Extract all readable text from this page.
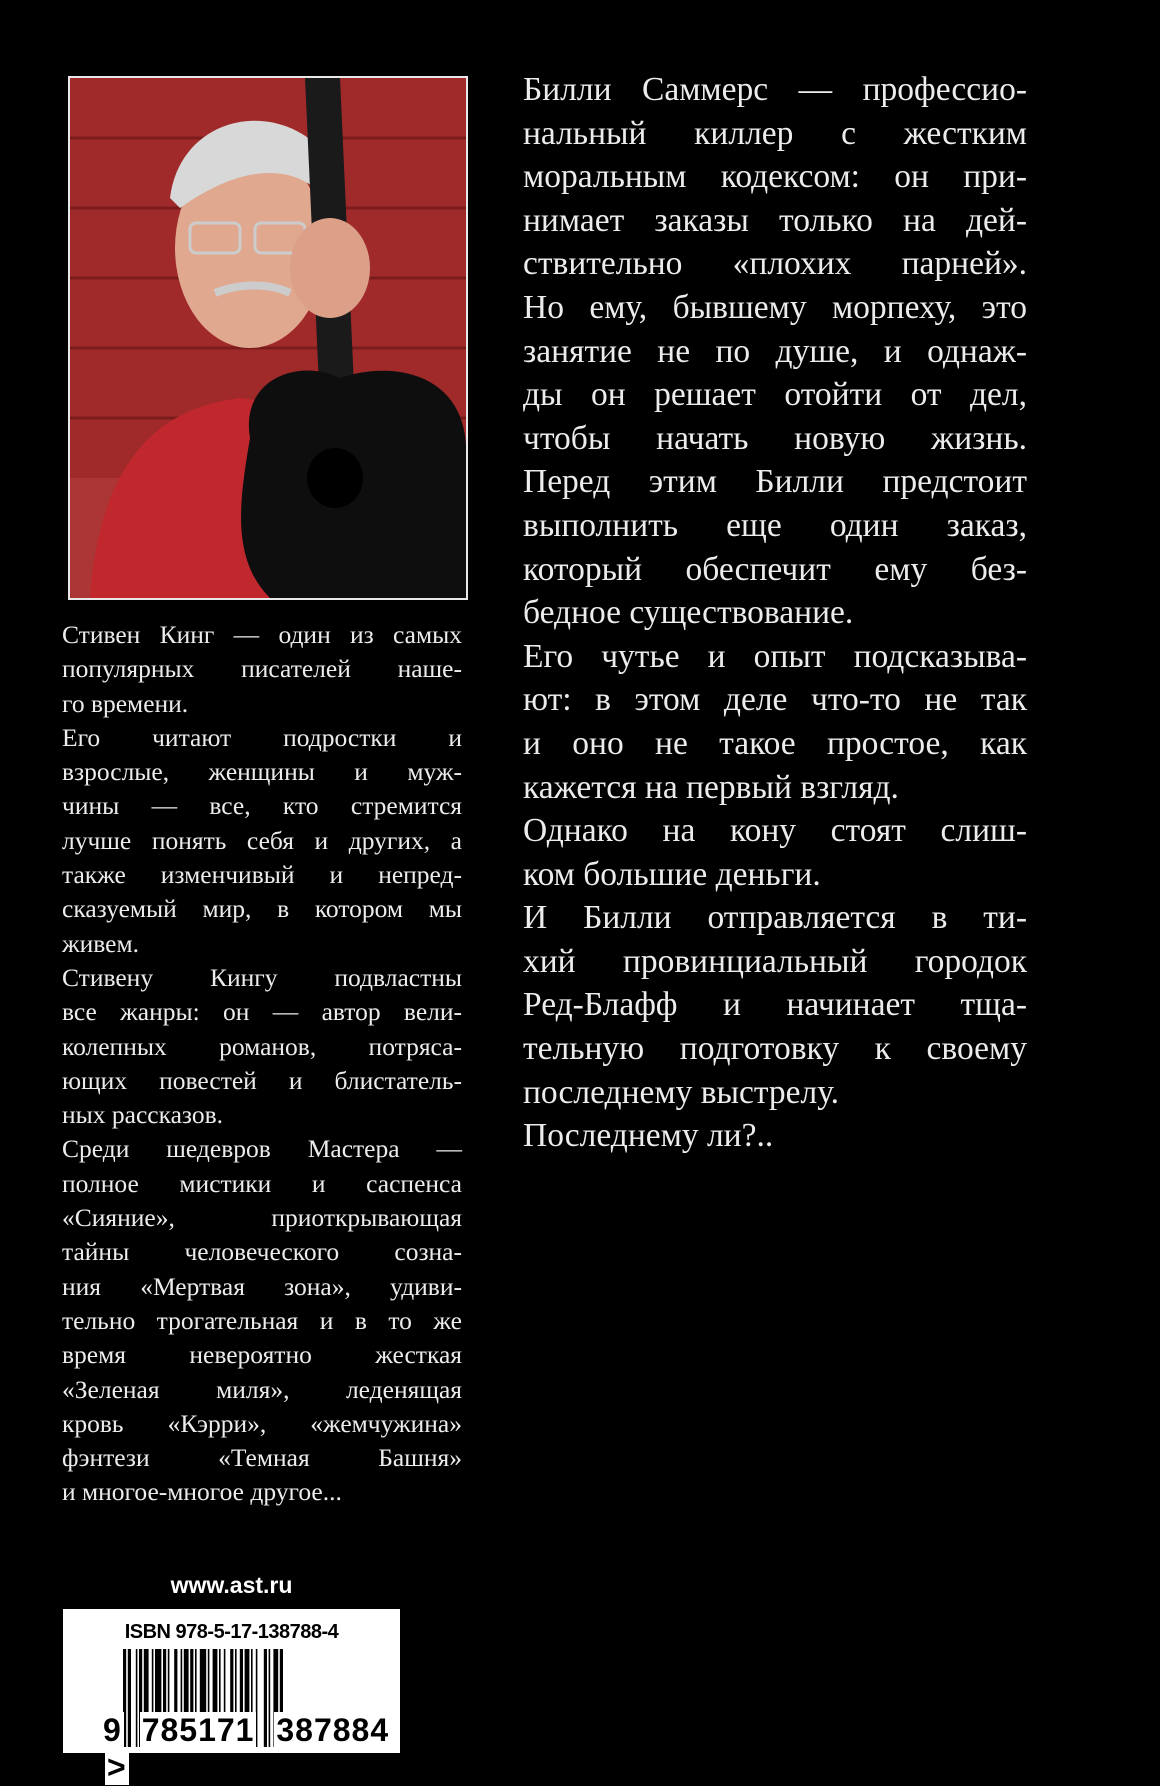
Стивен Кинг — один из самых
популярных писателей наше-
го времени.
Его читают подростки и
взрослые, женщины и муж-
чины — все, кто стремится
лучше понять себя и других, а
также изменчивый и непред-
сказуемый мир, в котором мы
живем.
Стивену Кингу подвластны
все жанры: он — автор вели-
колепных романов, потряса-
ющих повестей и блистатель-
ных рассказов.
Среди шедевров Мастера —
полное мистики и саспенса
«Сияние», приоткрывающая
тайны человеческого созна-
ния «Мертвая зона», удиви-
тельно трогательная и в то же
время невероятно жесткая
«Зеленая миля», леденящая
кровь «Кэрри», «жемчужина»
фэнтези «Темная Башня»
и многое-многое другое...
Билли Саммерс — профессио-
нальный киллер с жестким
моральным кодексом: он при-
нимает заказы только на дей-
ствительно «плохих парней».
Но ему, бывшему морпеху, это
занятие не по душе, и однаж-
ды он решает отойти от дел,
чтобы начать новую жизнь.
Перед этим Билли предстоит
выполнить еще один заказ,
который обеспечит ему без-
бедное существование.
Его чутье и опыт подсказыва-
ют: в этом деле что-то не так
и оно не такое простое, как
кажется на первый взгляд.
Однако на кону стоят слиш-
ком большие деньги.
И Билли отправляется в ти-
хий провинциальный городок
Ред-Блафф и начинает тща-
тельную подготовку к своему
последнему выстрелу.
Последнему ли?..
www.ast.ru
ISBN 978-5-17-138788-4
9 785171 387884 >
